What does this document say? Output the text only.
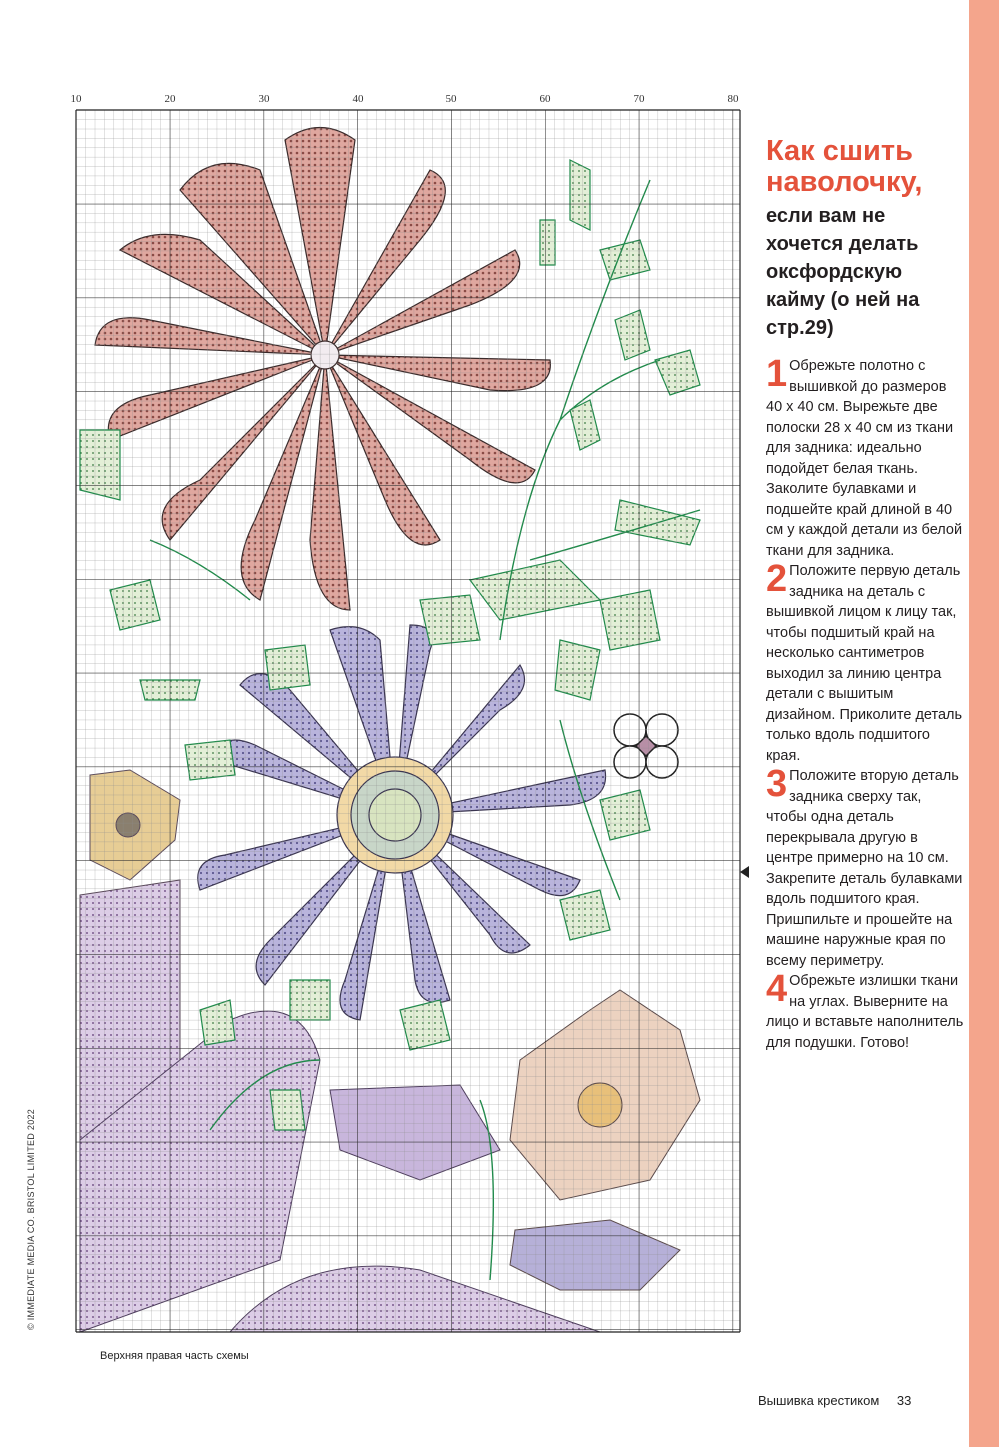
10	20	30	40	50	60	70	80
© IMMEDIATE MEDIA CO. BRISTOL LIMITED 2022
Верхняя правая часть схемы
Как сшить наволочку,
если вам не хочется делать оксфордскую кайму (о ней на стр.29)

1 Обрежьте полотно с вышивкой до размеров 40 х 40 см. Вырежьте две полоски 28 х 40 см из ткани для задника: идеально подойдет белая ткань. Заколите булавками и подшейте край длиной в 40 см у каждой детали из белой ткани для задника.

2 Положите первую деталь задника на деталь с вышивкой лицом к лицу так, чтобы подшитый край на несколько сантиметров выходил за линию центра детали с вышитым дизайном. Приколите деталь только вдоль подшитого края.

3 Положите вторую деталь задника сверху так, чтобы одна деталь перекрывала другую в центре примерно на 10 см. Закрепите деталь булавками вдоль подшитого края. Пришпильте и прошейте на машине наружные края по всему периметру.

4 Обрежьте излишки ткани на углах. Выверните на лицо и вставьте наполнитель для подушки. Готово!

Вышивка крестиком 33
